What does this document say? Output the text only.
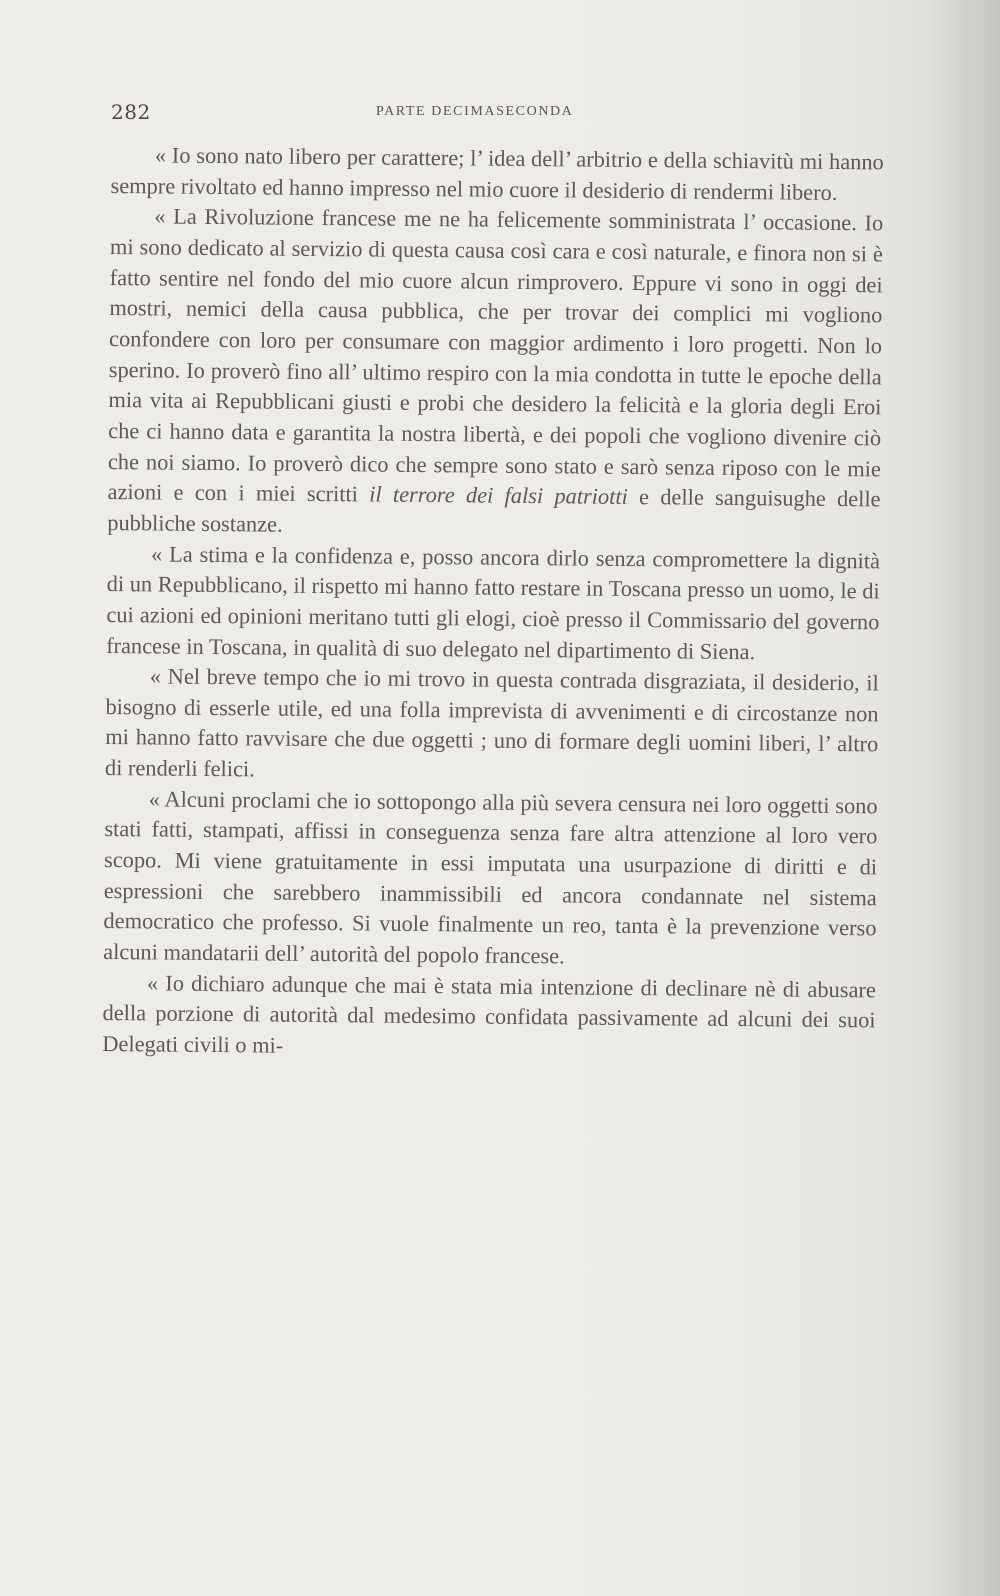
282	PARTE DECIMASECONDA

« Io sono nato libero per carattere; l’ idea dell’ arbitrio e della schiavitù mi hanno sempre rivoltato ed hanno impresso nel mio cuore il desiderio di rendermi libero.

« La Rivoluzione francese me ne ha felicemente somministrata l’ occasione. Io mi sono dedicato al servizio di questa causa così cara e così naturale, e finora non si è fatto sentire nel fondo del mio cuore alcun rimprovero. Eppure vi sono in oggi dei mostri, nemici della causa pubblica, che per trovar dei complici mi vogliono confondere con loro per consumare con maggior ardimento i loro progetti. Non lo sperino. Io proverò fino all’ ultimo respiro con la mia condotta in tutte le epoche della mia vita ai Repubblicani giusti e probi che desidero la felicità e la gloria degli Eroi che ci hanno data e garantita la nostra libertà, e dei popoli che vogliono divenire ciò che noi siamo. Io proverò dico che sempre sono stato e sarò senza riposo con le mie azioni e con i miei scritti il terrore dei falsi patriotti e delle sanguisughe delle pubbliche sostanze.

« La stima e la confidenza e, posso ancora dirlo senza compromettere la dignità di un Repubblicano, il rispetto mi hanno fatto restare in Toscana presso un uomo, le di cui azioni ed opinioni meritano tutti gli elogi, cioè presso il Commissario del governo francese in Toscana, in qualità di suo delegato nel dipartimento di Siena.

« Nel breve tempo che io mi trovo in questa contrada disgraziata, il desiderio, il bisogno di esserle utile, ed una folla imprevista di avvenimenti e di circostanze non mi hanno fatto ravvisare che due oggetti ; uno di formare degli uomini liberi, l’ altro di renderli felici.

« Alcuni proclami che io sottopongo alla più severa censura nei loro oggetti sono stati fatti, stampati, affissi in conseguenza senza fare altra attenzione al loro vero scopo. Mi viene gratuitamente in essi imputata una usurpazione di diritti e di espressioni che sarebbero inammissibili ed ancora condannate nel sistema democratico che professo. Si vuole finalmente un reo, tanta è la prevenzione verso alcuni mandatarii dell’ autorità del popolo francese.

« Io dichiaro adunque che mai è stata mia intenzione di declinare nè di abusare della porzione di autorità dal medesimo confidata passivamente ad alcuni dei suoi Delegati civili o mi-
